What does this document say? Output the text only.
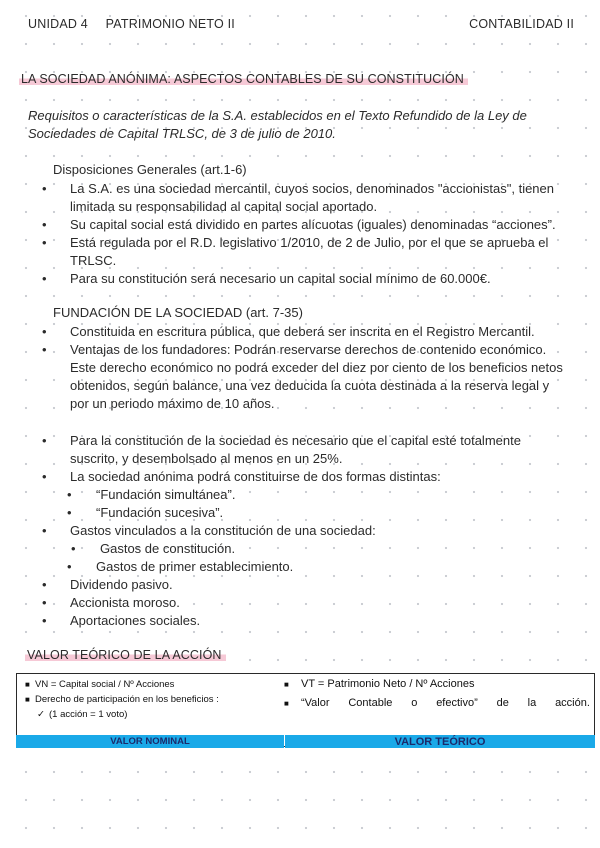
UNIDAD 4 PATRIMONIO NETO II	CONTABILIDAD II
LA SOCIEDAD ANÓNIMA: ASPECTOS CONTABLES DE SU CONSTITUCIÓN
Requisitos o características de la S.A. establecidos en el Texto Refundido de la Ley de Sociedades de Capital TRLSC, de 3 de julio de 2010.
Disposiciones Generales (art.1-6)
• La S.A. es una sociedad mercantil, cuyos socios, denominados "accionistas", tienen limitada su responsabilidad al capital social aportado.
• Su capital social está dividido en partes alícuotas (iguales) denominadas “acciones”.
• Está regulada por el R.D. legislativo 1/2010, de 2 de Julio, por el que se aprueba el TRLSC.
• Para su constitución será necesario un capital social mínimo de 60.000€.
FUNDACIÓN DE LA SOCIEDAD (art. 7-35)
• Constituida en escritura pública, que deberá ser inscrita en el Registro Mercantil.
• Ventajas de los fundadores: Podrán reservarse derechos de contenido económico. Este derecho económico no podrá exceder del diez por ciento de los beneficios netos obtenidos, según balance, una vez deducida la cuota destinada a la reserva legal y por un periodo máximo de 10 años.
• Para la constitución de la sociedad es necesario que el capital esté totalmente suscrito, y desembolsado al menos en un 25%.
• La sociedad anónima podrá constituirse de dos formas distintas:
• “Fundación simultánea”.
• “Fundación sucesiva”.
• Gastos vinculados a la constitución de una sociedad:
• Gastos de constitución.
• Gastos de primer establecimiento.
• Dividendo pasivo.
• Accionista moroso.
• Aportaciones sociales.
VALOR TEÓRICO DE LA ACCIÓN
■ VN = Capital social / Nº Acciones
■ Derecho de participación en los beneficios :
✓ (1 acción = 1 voto)
■ VT = Patrimonio Neto / Nº Acciones
■ “Valor Contable o efectivo” de la acción.
VALOR NOMINAL	VALOR TEÓRICO
